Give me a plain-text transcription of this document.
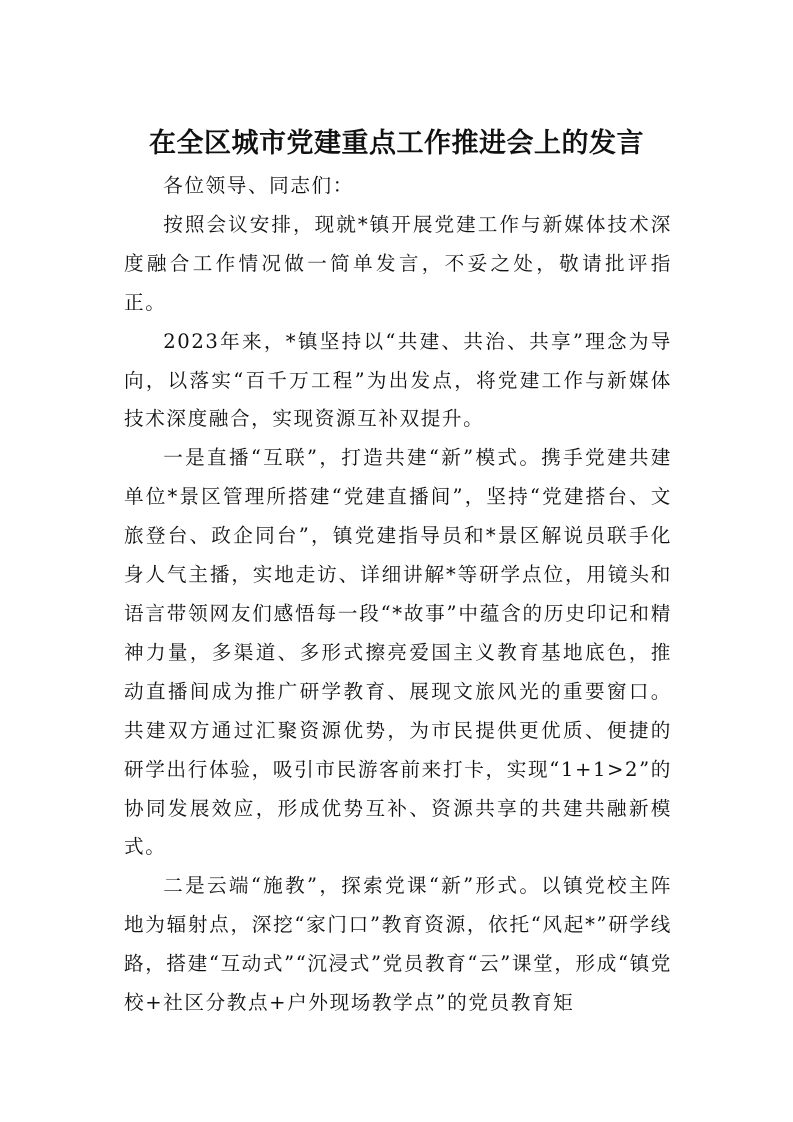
在全区城市党建重点工作推进会上的发言

各位领导、同志们：

按照会议安排，现就*镇开展党建工作与新媒体技术深度融合工作情况做一简单发言，不妥之处，敬请批评指正。

2023年来，*镇坚持以“共建、共治、共享”理念为导向，以落实“百千万工程”为出发点，将党建工作与新媒体技术深度融合，实现资源互补双提升。

一是直播“互联”，打造共建“新”模式。携手党建共建单位*景区管理所搭建“党建直播间”，坚持“党建搭台、文旅登台、政企同台”，镇党建指导员和*景区解说员联手化身人气主播，实地走访、详细讲解*等研学点位，用镜头和语言带领网友们感悟每一段“*故事”中蕴含的历史印记和精神力量，多渠道、多形式擦亮爱国主义教育基地底色，推动直播间成为推广研学教育、展现文旅风光的重要窗口。共建双方通过汇聚资源优势，为市民提供更优质、便捷的研学出行体验，吸引市民游客前来打卡，实现“1+1>2”的协同发展效应，形成优势互补、资源共享的共建共融新模式。

二是云端“施教”，探索党课“新”形式。以镇党校主阵地为辐射点，深挖“家门口”教育资源，依托“风起*”研学线路，搭建“互动式”“沉浸式”党员教育“云”课堂，形成“镇党校+社区分教点+户外现场教学点”的党员教育矩
